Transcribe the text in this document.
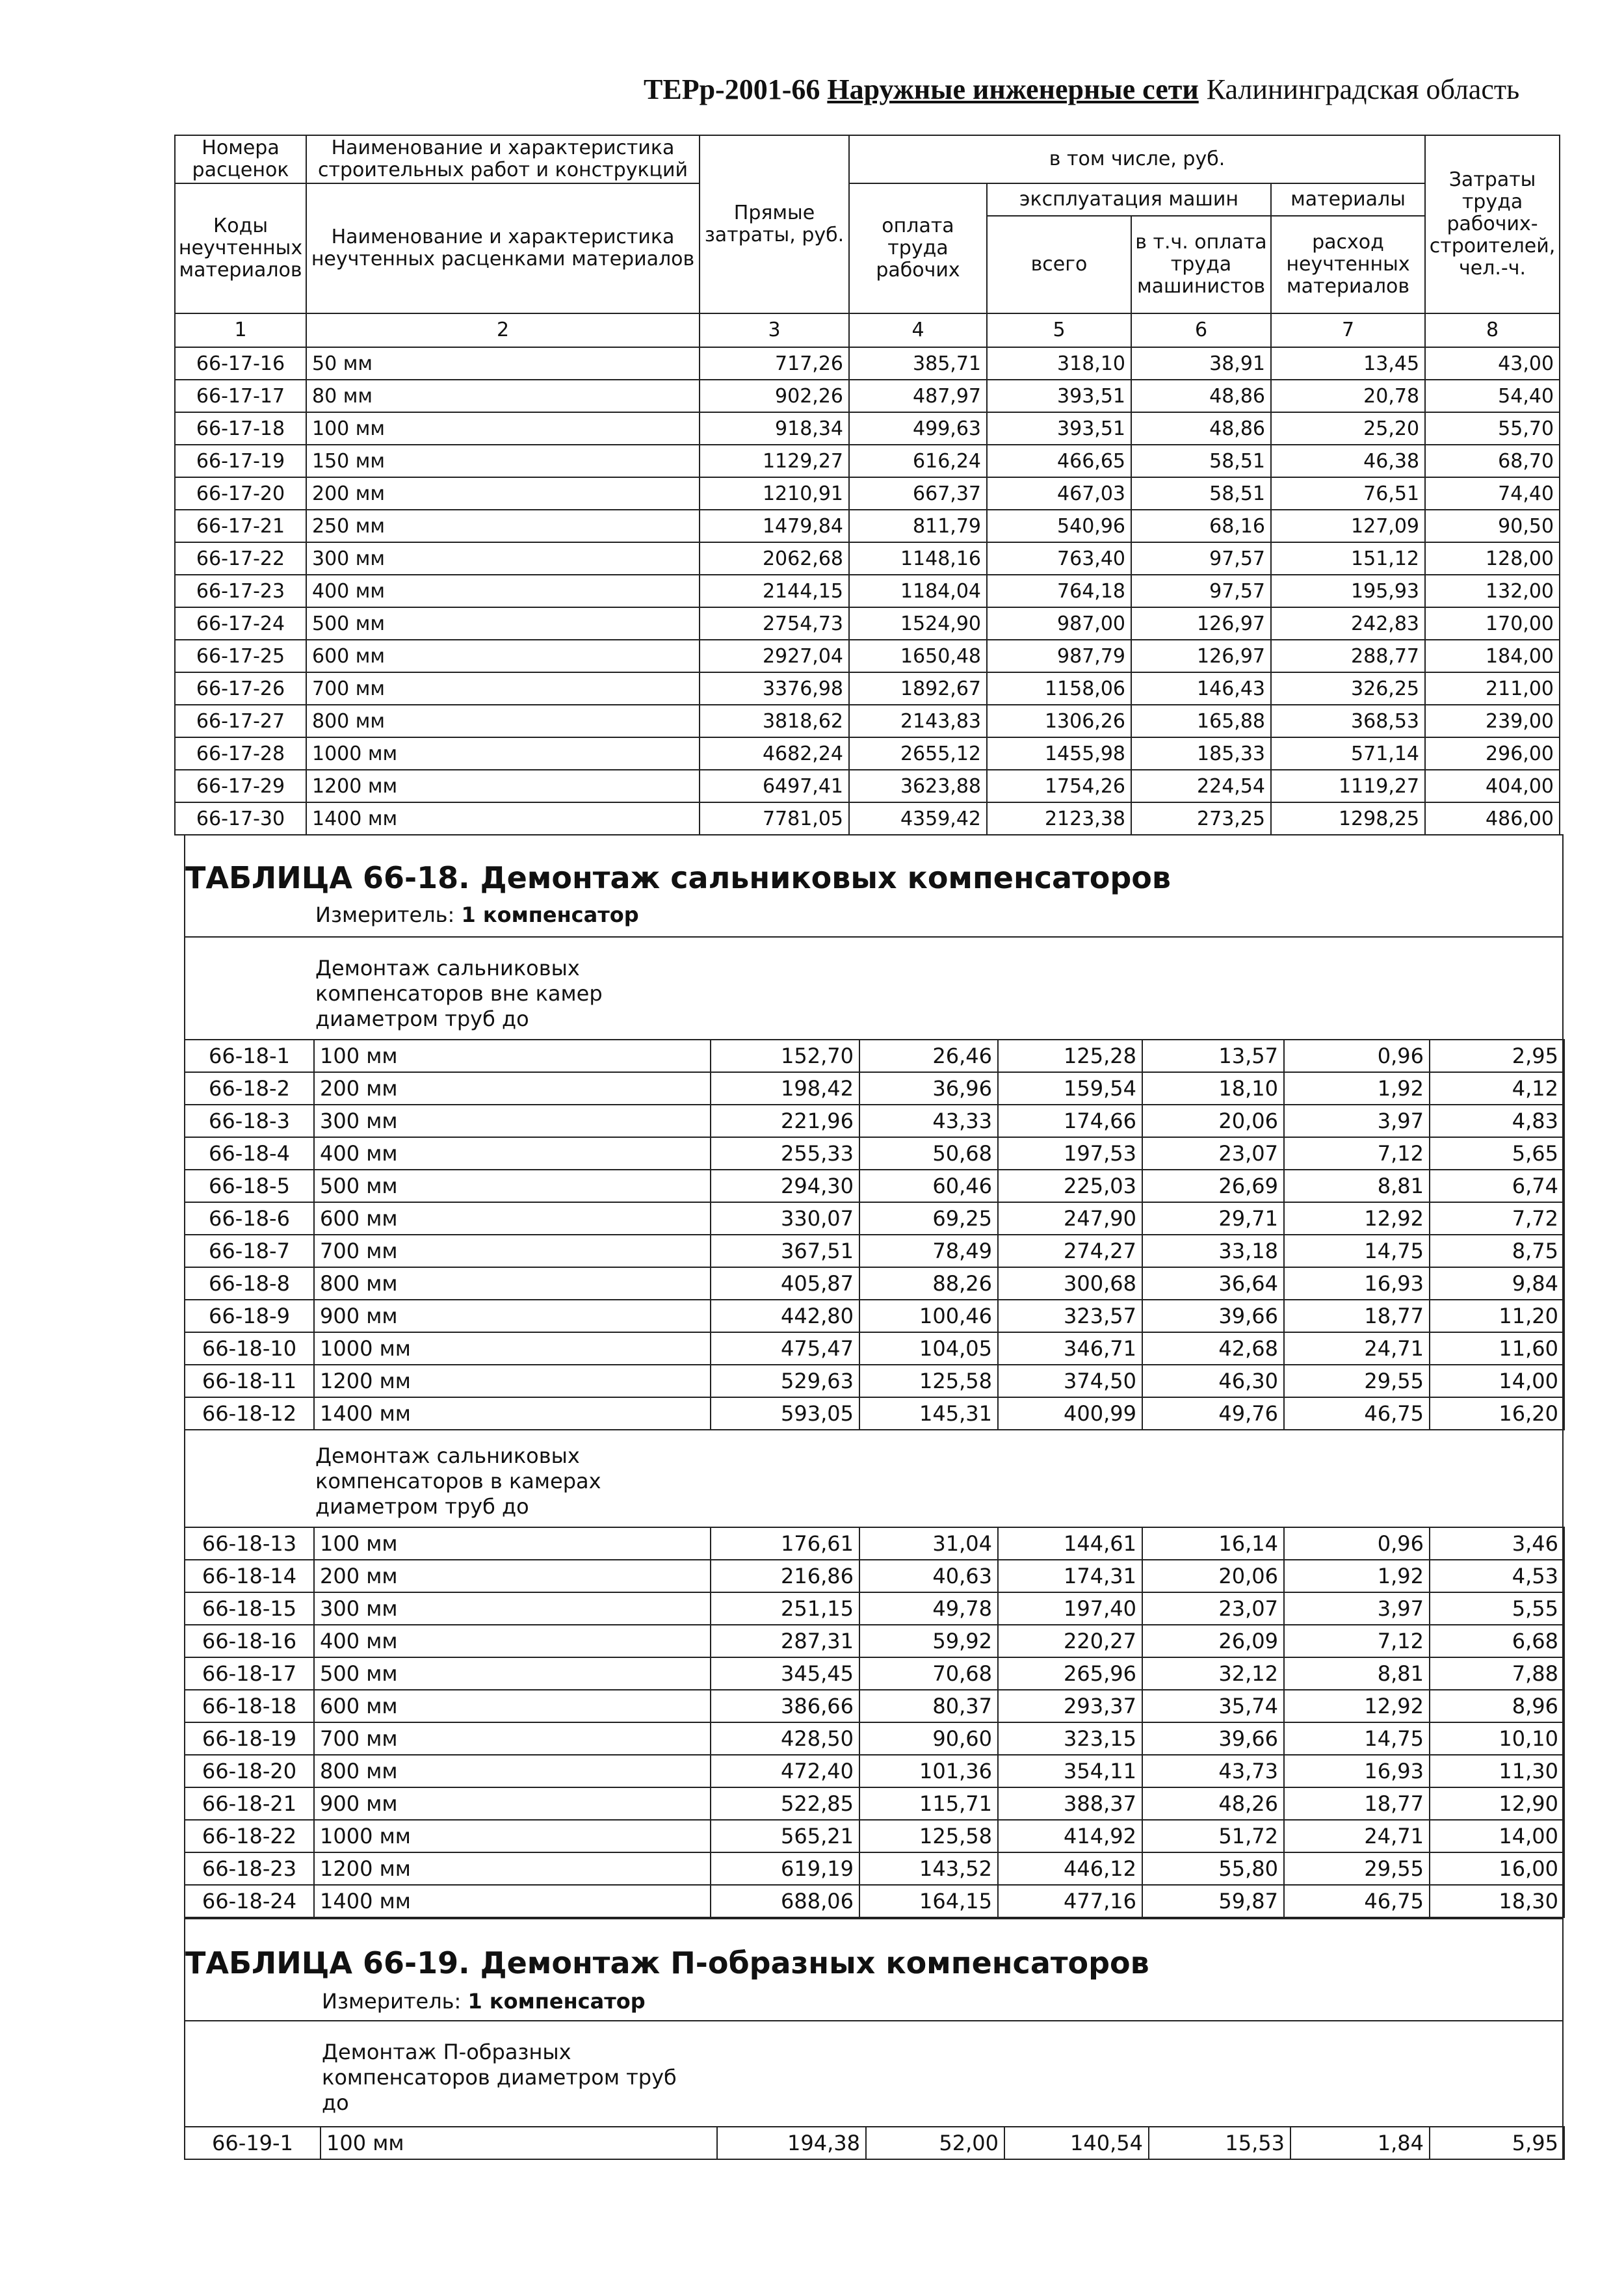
ТЕРр-2001-66 Наружные инженерные сети Калининградская область
Номера расценок	Наименование и характеристика строительных работ и конструкций	Прямые затраты, руб.	в том числе, руб.				Затраты труда рабочих-строителей, чел.-ч.
Коды неучтенных материалов	Наименование и характеристика неучтенных расценками материалов		оплата труда рабочих	эксплуатация машин		материалы	
				всего	в т.ч. оплата труда машинистов	расход неучтенных материалов	
1	2	3	4	5	6	7	8
66-17-16	50 мм	717,26	385,71	318,10	38,91	13,45	43,00
66-17-17	80 мм	902,26	487,97	393,51	48,86	20,78	54,40
66-17-18	100 мм	918,34	499,63	393,51	48,86	25,20	55,70
66-17-19	150 мм	1129,27	616,24	466,65	58,51	46,38	68,70
66-17-20	200 мм	1210,91	667,37	467,03	58,51	76,51	74,40
66-17-21	250 мм	1479,84	811,79	540,96	68,16	127,09	90,50
66-17-22	300 мм	2062,68	1148,16	763,40	97,57	151,12	128,00
66-17-23	400 мм	2144,15	1184,04	764,18	97,57	195,93	132,00
66-17-24	500 мм	2754,73	1524,90	987,00	126,97	242,83	170,00
66-17-25	600 мм	2927,04	1650,48	987,79	126,97	288,77	184,00
66-17-26	700 мм	3376,98	1892,67	1158,06	146,43	326,25	211,00
66-17-27	800 мм	3818,62	2143,83	1306,26	165,88	368,53	239,00
66-17-28	1000 мм	4682,24	2655,12	1455,98	185,33	571,14	296,00
66-17-29	1200 мм	6497,41	3623,88	1754,26	224,54	1119,27	404,00
66-17-30	1400 мм	7781,05	4359,42	2123,38	273,25	1298,25	486,00
ТАБЛИЦА 66-18. Демонтаж сальниковых компенсаторов
Измеритель: 1 компенсатор
Демонтаж сальниковых компенсаторов вне камер диаметром труб до
Демонтаж сальниковых компенсаторов в камерах диаметром труб до
66-18-1	100 мм	152,70	26,46	125,28	13,57	0,96	2,95
66-18-2	200 мм	198,42	36,96	159,54	18,10	1,92	4,12
66-18-3	300 мм	221,96	43,33	174,66	20,06	3,97	4,83
66-18-4	400 мм	255,33	50,68	197,53	23,07	7,12	5,65
66-18-5	500 мм	294,30	60,46	225,03	26,69	8,81	6,74
66-18-6	600 мм	330,07	69,25	247,90	29,71	12,92	7,72
66-18-7	700 мм	367,51	78,49	274,27	33,18	14,75	8,75
66-18-8	800 мм	405,87	88,26	300,68	36,64	16,93	9,84
66-18-9	900 мм	442,80	100,46	323,57	39,66	18,77	11,20
66-18-10	1000 мм	475,47	104,05	346,71	42,68	24,71	11,60
66-18-11	1200 мм	529,63	125,58	374,50	46,30	29,55	14,00
66-18-12	1400 мм	593,05	145,31	400,99	49,76	46,75	16,20
66-18-13	100 мм	176,61	31,04	144,61	16,14	0,96	3,46
66-18-14	200 мм	216,86	40,63	174,31	20,06	1,92	4,53
66-18-15	300 мм	251,15	49,78	197,40	23,07	3,97	5,55
66-18-16	400 мм	287,31	59,92	220,27	26,09	7,12	6,68
66-18-17	500 мм	345,45	70,68	265,96	32,12	8,81	7,88
66-18-18	600 мм	386,66	80,37	293,37	35,74	12,92	8,96
66-18-19	700 мм	428,50	90,60	323,15	39,66	14,75	10,10
66-18-20	800 мм	472,40	101,36	354,11	43,73	16,93	11,30
66-18-21	900 мм	522,85	115,71	388,37	48,26	18,77	12,90
66-18-22	1000 мм	565,21	125,58	414,92	51,72	24,71	14,00
66-18-23	1200 мм	619,19	143,52	446,12	55,80	29,55	16,00
66-18-24	1400 мм	688,06	164,15	477,16	59,87	46,75	18,30
ТАБЛИЦА 66-19. Демонтаж П-образных компенсаторов
Измеритель: 1 компенсатор
Демонтаж П-образных компенсаторов диаметром труб до
66-19-1	100 мм	194,38	52,00	140,54	15,53	1,84	5,95
